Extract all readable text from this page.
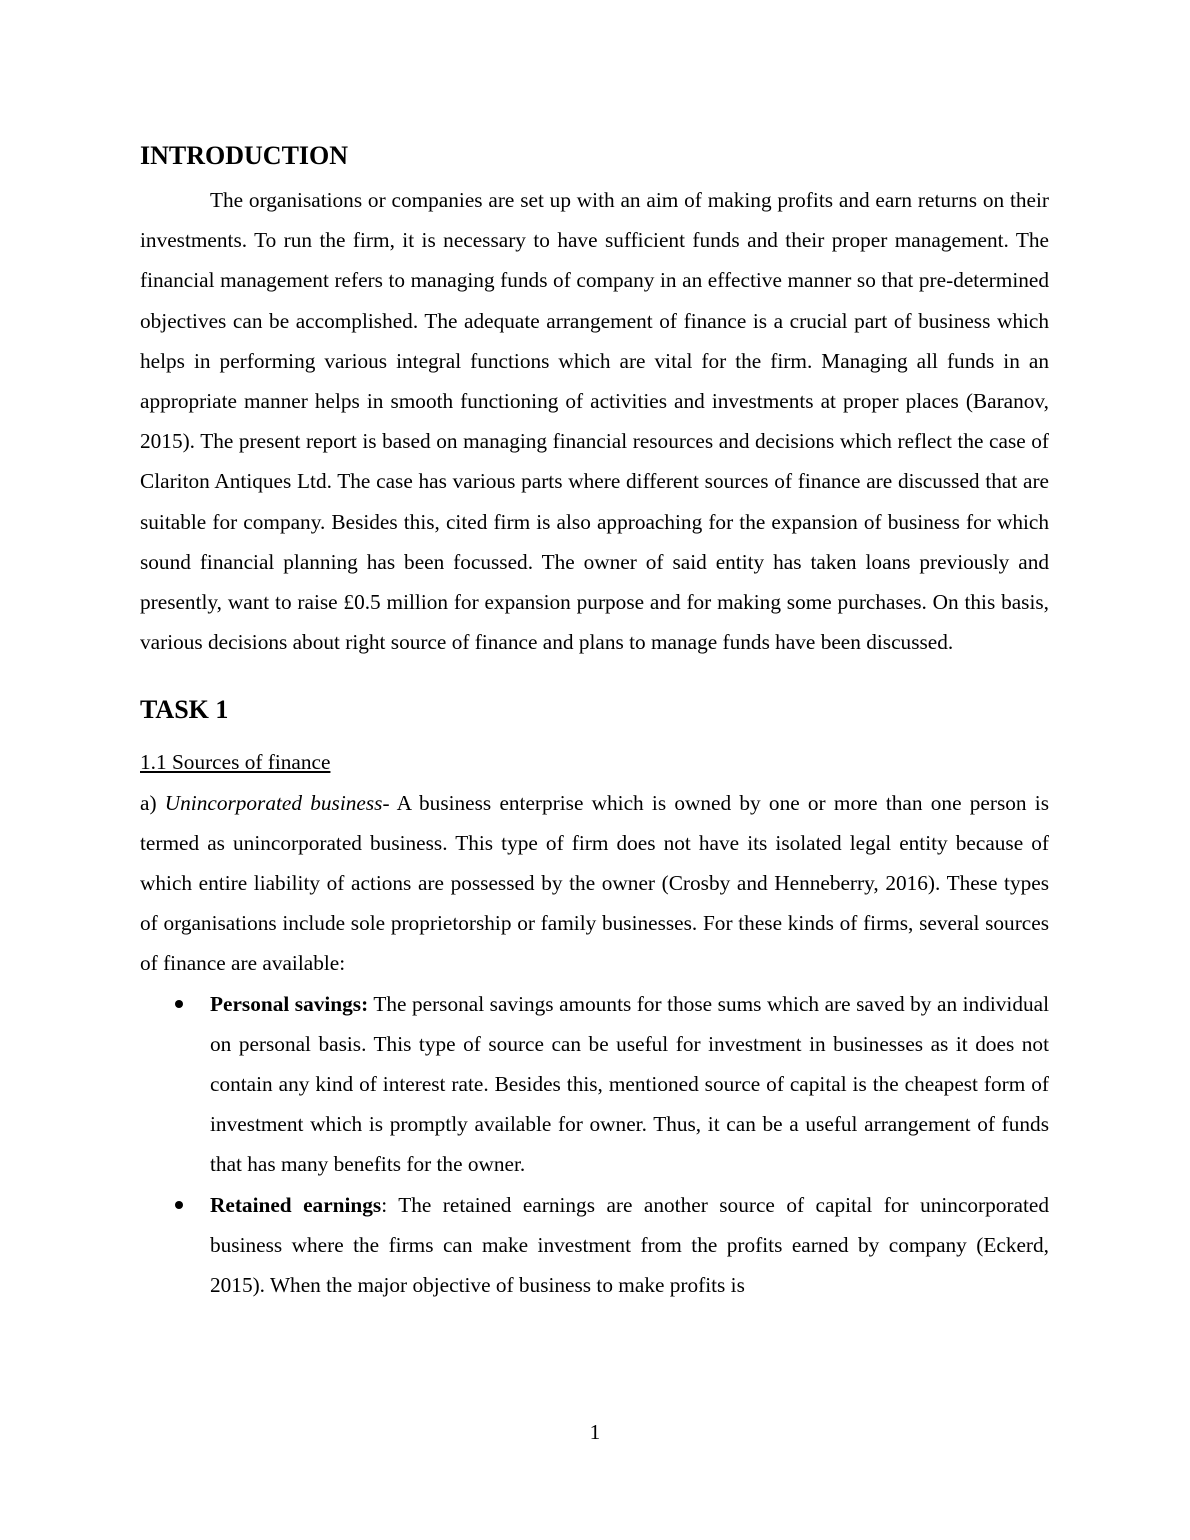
INTRODUCTION

The organisations or companies are set up with an aim of making profits and earn returns on their investments. To run the firm, it is necessary to have sufficient funds and their proper management. The financial management refers to managing funds of company in an effective manner so that pre-determined objectives can be accomplished. The adequate arrangement of finance is a crucial part of business which helps in performing various integral functions which are vital for the firm. Managing all funds in an appropriate manner helps in smooth functioning of activities and investments at proper places (Baranov, 2015). The present report is based on managing financial resources and decisions which reflect the case of Clariton Antiques Ltd. The case has various parts where different sources of finance are discussed that are suitable for company. Besides this, cited firm is also approaching for the expansion of business for which sound financial planning has been focussed. The owner of said entity has taken loans previously and presently, want to raise £0.5 million for expansion purpose and for making some purchases. On this basis, various decisions about right source of finance and plans to manage funds have been discussed.

TASK 1

1.1 Sources of finance

a) Unincorporated business- A business enterprise which is owned by one or more than one person is termed as unincorporated business. This type of firm does not have its isolated legal entity because of which entire liability of actions are possessed by the owner (Crosby and Henneberry, 2016). These types of organisations include sole proprietorship or family businesses. For these kinds of firms, several sources of finance are available:

Personal savings: The personal savings amounts for those sums which are saved by an individual on personal basis. This type of source can be useful for investment in businesses as it does not contain any kind of interest rate. Besides this, mentioned source of capital is the cheapest form of investment which is promptly available for owner. Thus, it can be a useful arrangement of funds that has many benefits for the owner.
Retained earnings: The retained earnings are another source of capital for unincorporated business where the firms can make investment from the profits earned by company (Eckerd, 2015). When the major objective of business to make profits is
1
